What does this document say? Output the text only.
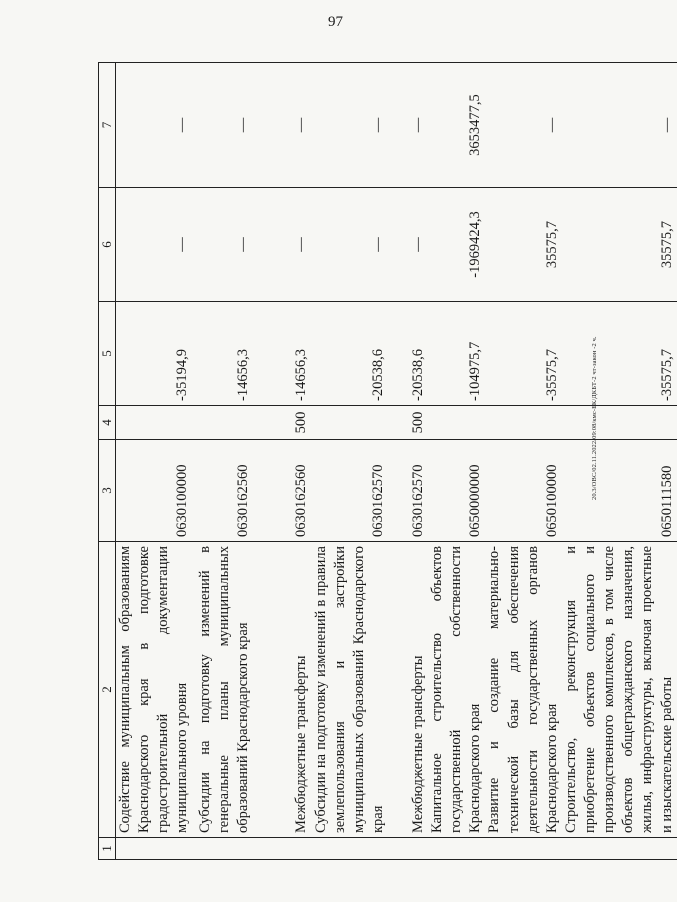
97
1	2	3	4	5	6	7
	Содействие муниципальным образованиям Краснодарского края в подготовке градостроительной документации муниципального уровня	0630100000		-35194,9	—	—
	Субсидии на подготовку изменений в генеральные планы муниципальных образований Краснодарского края	0630162560		-14656,3	—	—
	Межбюджетные трансферты	0630162560	500	-14656,3	—	—
	Субсидии на подготовку изменений в правила землепользования и застройки муниципальных образований Краснодарского края	0630162570		-20538,6	—	—
	Межбюджетные трансферты	0630162570	500	-20538,6	—	—
	Капитальное строительство объектов государственной собственности Краснодарского края	0650000000		-104975,7	-1969424,3	3653477,5
	Развитие и создание материально-технической базы для обеспечения деятельности государственных органов Краснодарского края	0650100000		-35575,7	35575,7	—
	Строительство, реконструкция и приобретение объектов социального и производственного комплексов, в том числе объектов общегражданского назначения, жилья, инфраструктуры, включая проектные и изыскательские работы	0650111580		-35575,7	35575,7	—
20.3/ОВС/02.11.2022/09:08/кмс-БК/ДКБТ-2 чт-закон -2 ч.
